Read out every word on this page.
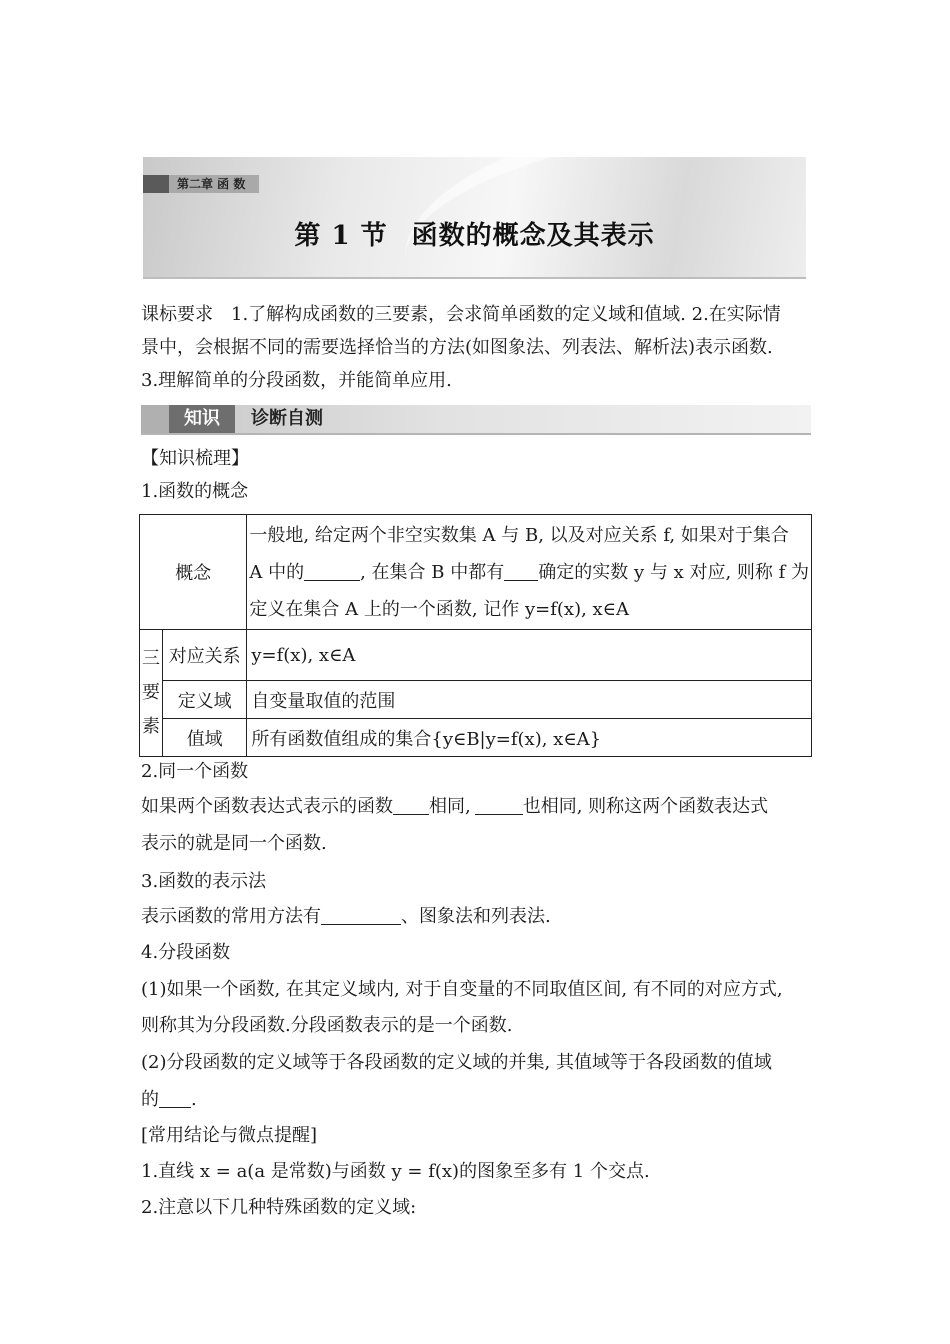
第二章 函 数
第 1 节 函数的概念及其表示
课标要求　1.了解构成函数的三要素，会求简单函数的定义域和值域. 2.在实际情
景中，会根据不同的需要选择恰当的方法(如图象法、列表法、解析法)表示函数.
3.理解简单的分段函数，并能简单应用.
知识	诊断自测
【知识梳理】
1.函数的概念
概念		一般地, 给定两个非空实数集 A 与 B, 以及对应关系 f, 如果对于集合
A 中的 , 在集合 B 中都有 确定的实数 y 与 x 对应, 则称 f 为
定义在集合 A 上的一个函数, 记作 y=f(x), x∈A

三
要
素	对应关系	y=f(x), x∈A
	定义域	自变量取值的范围
	值域	所有函数值组成的集合{y∈B|y=f(x), x∈A}
2.同一个函数
如果两个函数表达式表示的函数 相同,	也相同, 则称这两个函数表达式
表示的就是同一个函数.
3.函数的表示法
表示函数的常用方法有	、图象法和列表法.
4.分段函数
(1)如果一个函数, 在其定义域内, 对于自变量的不同取值区间, 有不同的对应方式,
则称其为分段函数.分段函数表示的是一个函数.
(2)分段函数的定义域等于各段函数的定义域的并集, 其值域等于各段函数的值域
的 .
[常用结论与微点提醒]
1.直线 x = a(a 是常数)与函数 y = f(x)的图象至多有 1 个交点.
2.注意以下几种特殊函数的定义域:
